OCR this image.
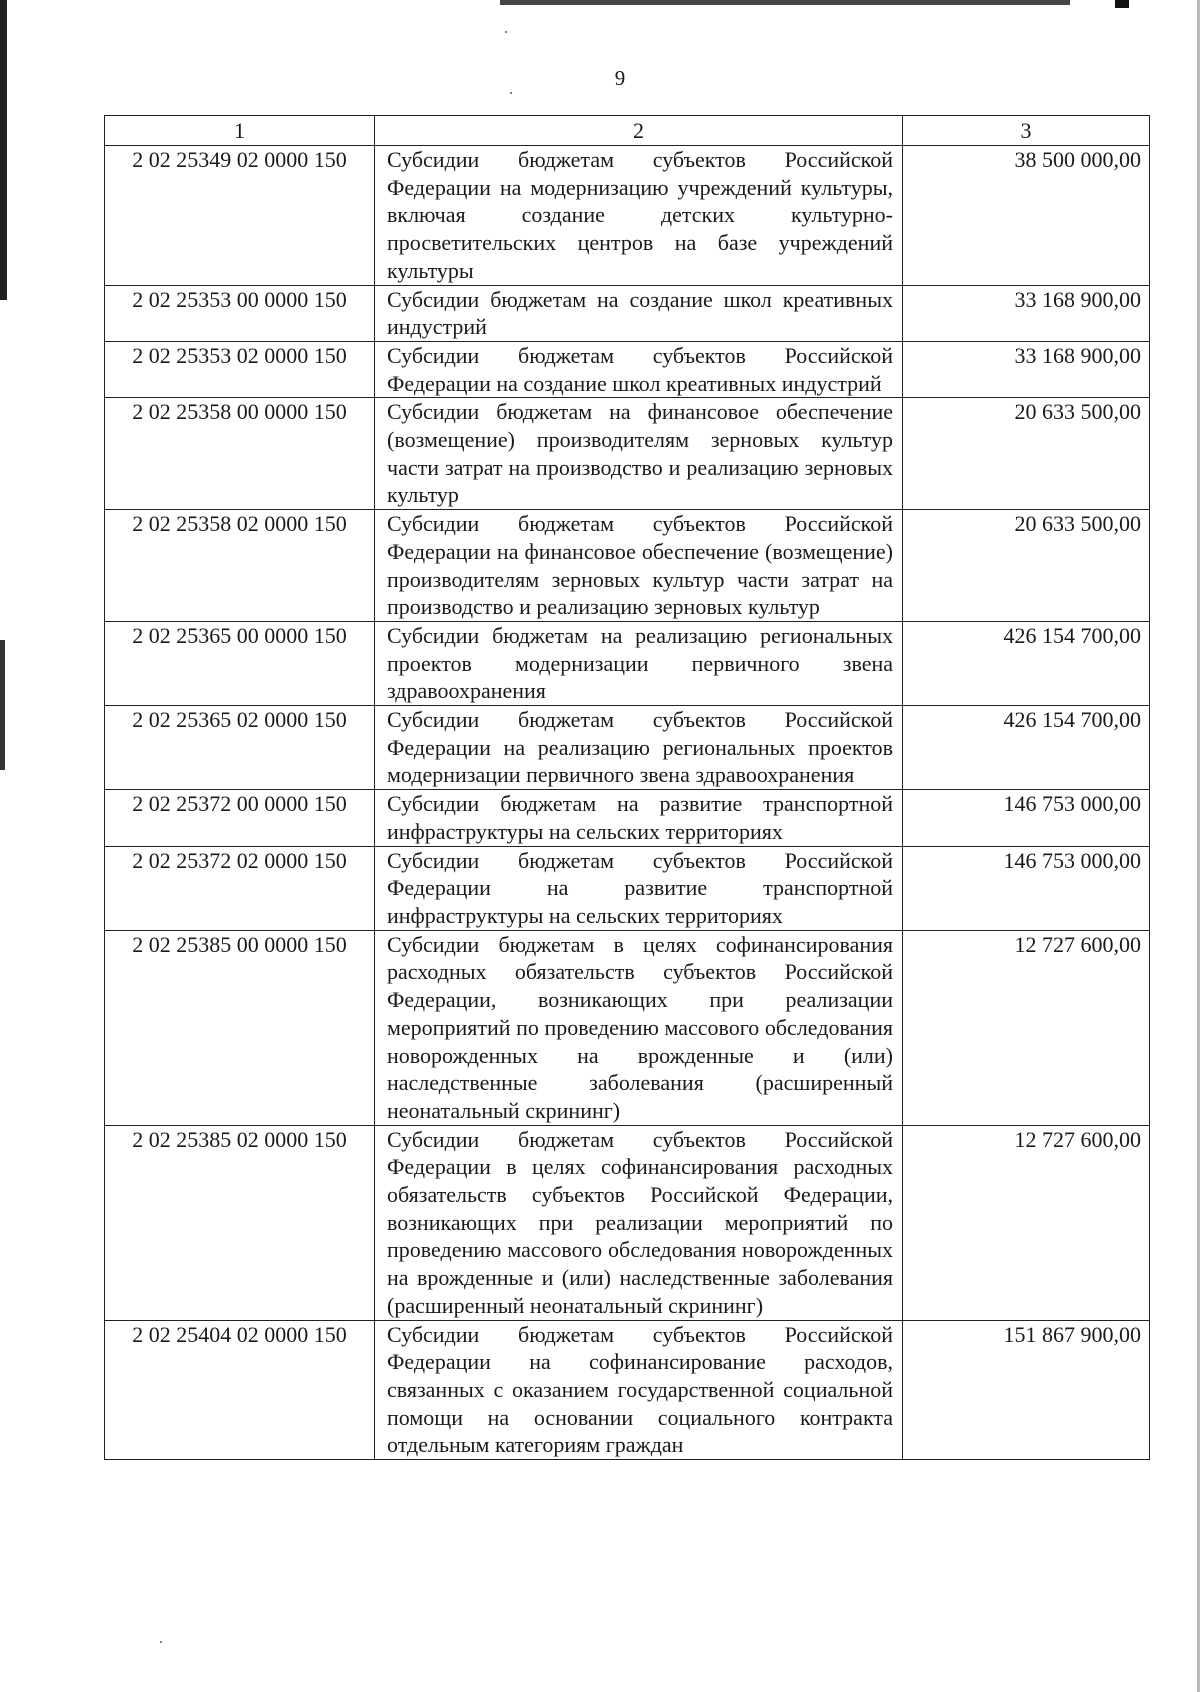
9
1	2	3
2 02 25349 02 0000 150	Субсидии бюджетам субъектов Российской Федерации на модернизацию учреждений культуры, включая создание детских культурно-просветительских центров на базе учреждений культуры	38 500 000,00
2 02 25353 00 0000 150	Субсидии бюджетам на создание школ креативных индустрий	33 168 900,00
2 02 25353 02 0000 150	Субсидии бюджетам субъектов Российской Федерации на создание школ креативных индустрий	33 168 900,00
2 02 25358 00 0000 150	Субсидии бюджетам на финансовое обеспечение (возмещение) производителям зерновых культур части затрат на производство и реализацию зерновых культур	20 633 500,00
2 02 25358 02 0000 150	Субсидии бюджетам субъектов Российской Федерации на финансовое обеспечение (возмещение) производителям зерновых культур части затрат на производство и реализацию зерновых культур	20 633 500,00
2 02 25365 00 0000 150	Субсидии бюджетам на реализацию региональных проектов модернизации первичного звена здравоохранения	426 154 700,00
2 02 25365 02 0000 150	Субсидии бюджетам субъектов Российской Федерации на реализацию региональных проектов модернизации первичного звена здравоохранения	426 154 700,00
2 02 25372 00 0000 150	Субсидии бюджетам на развитие транспортной инфраструктуры на сельских территориях	146 753 000,00
2 02 25372 02 0000 150	Субсидии бюджетам субъектов Российской Федерации на развитие транспортной инфраструктуры на сельских территориях	146 753 000,00
2 02 25385 00 0000 150	Субсидии бюджетам в целях софинансирования расходных обязательств субъектов Российской Федерации, возникающих при реализации мероприятий по проведению массового обследования новорожденных на врожденные и (или) наследственные заболевания (расширенный неонатальный скрининг)	12 727 600,00
2 02 25385 02 0000 150	Субсидии бюджетам субъектов Российской Федерации в целях софинансирования расходных обязательств субъектов Российской Федерации, возникающих при реализации мероприятий по проведению массового обследования новорожденных на врожденные и (или) наследственные заболевания (расширенный неонатальный скрининг)	12 727 600,00
2 02 25404 02 0000 150	Субсидии бюджетам субъектов Российской Федерации на софинансирование расходов, связанных с оказанием государственной социальной помощи на основании социального контракта отдельным категориям граждан	151 867 900,00
